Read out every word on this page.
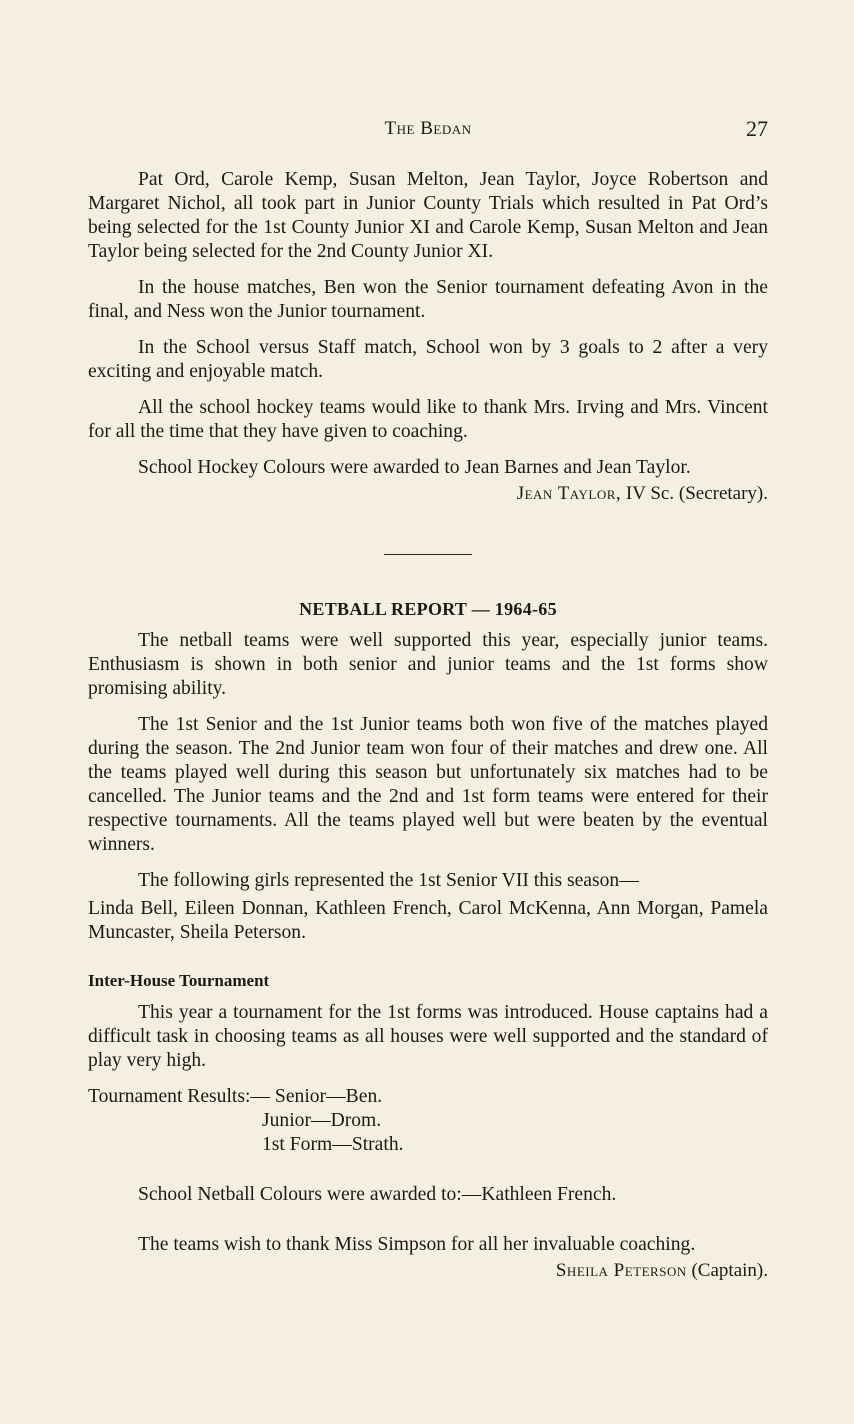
The Bedan	27

Pat Ord, Carole Kemp, Susan Melton, Jean Taylor, Joyce Robertson and Margaret Nichol, all took part in Junior County Trials which resulted in Pat Ord’s being selected for the 1st County Junior XI and Carole Kemp, Susan Melton and Jean Taylor being selected for the 2nd County Junior XI.

In the house matches, Ben won the Senior tournament defeating Avon in the final, and Ness won the Junior tournament.

In the School versus Staff match, School won by 3 goals to 2 after a very exciting and enjoyable match.

All the school hockey teams would like to thank Mrs. Irving and Mrs. Vincent for all the time that they have given to coaching.

School Hockey Colours were awarded to Jean Barnes and Jean Taylor.

Jean Taylor, IV Sc. (Secretary).
NETBALL REPORT — 1964-65

The netball teams were well supported this year, especially junior teams. Enthusiasm is shown in both senior and junior teams and the 1st forms show promising ability.

The 1st Senior and the 1st Junior teams both won five of the matches played during the season. The 2nd Junior team won four of their matches and drew one. All the teams played well during this season but unfortunately six matches had to be cancelled. The Junior teams and the 2nd and 1st form teams were entered for their respective tournaments. All the teams played well but were beaten by the eventual winners.

The following girls represented the 1st Senior VII this season—

Linda Bell, Eileen Donnan, Kathleen French, Carol McKenna, Ann Morgan, Pamela Muncaster, Sheila Peterson.

Inter-House Tournament

This year a tournament for the 1st forms was introduced. House captains had a difficult task in choosing teams as all houses were well supported and the standard of play very high.

Tournament Results:— Senior—Ben.
Junior—Drom.
1st Form—Strath.

School Netball Colours were awarded to:—Kathleen French.

The teams wish to thank Miss Simpson for all her invaluable coaching.

Sheila Peterson (Captain).
